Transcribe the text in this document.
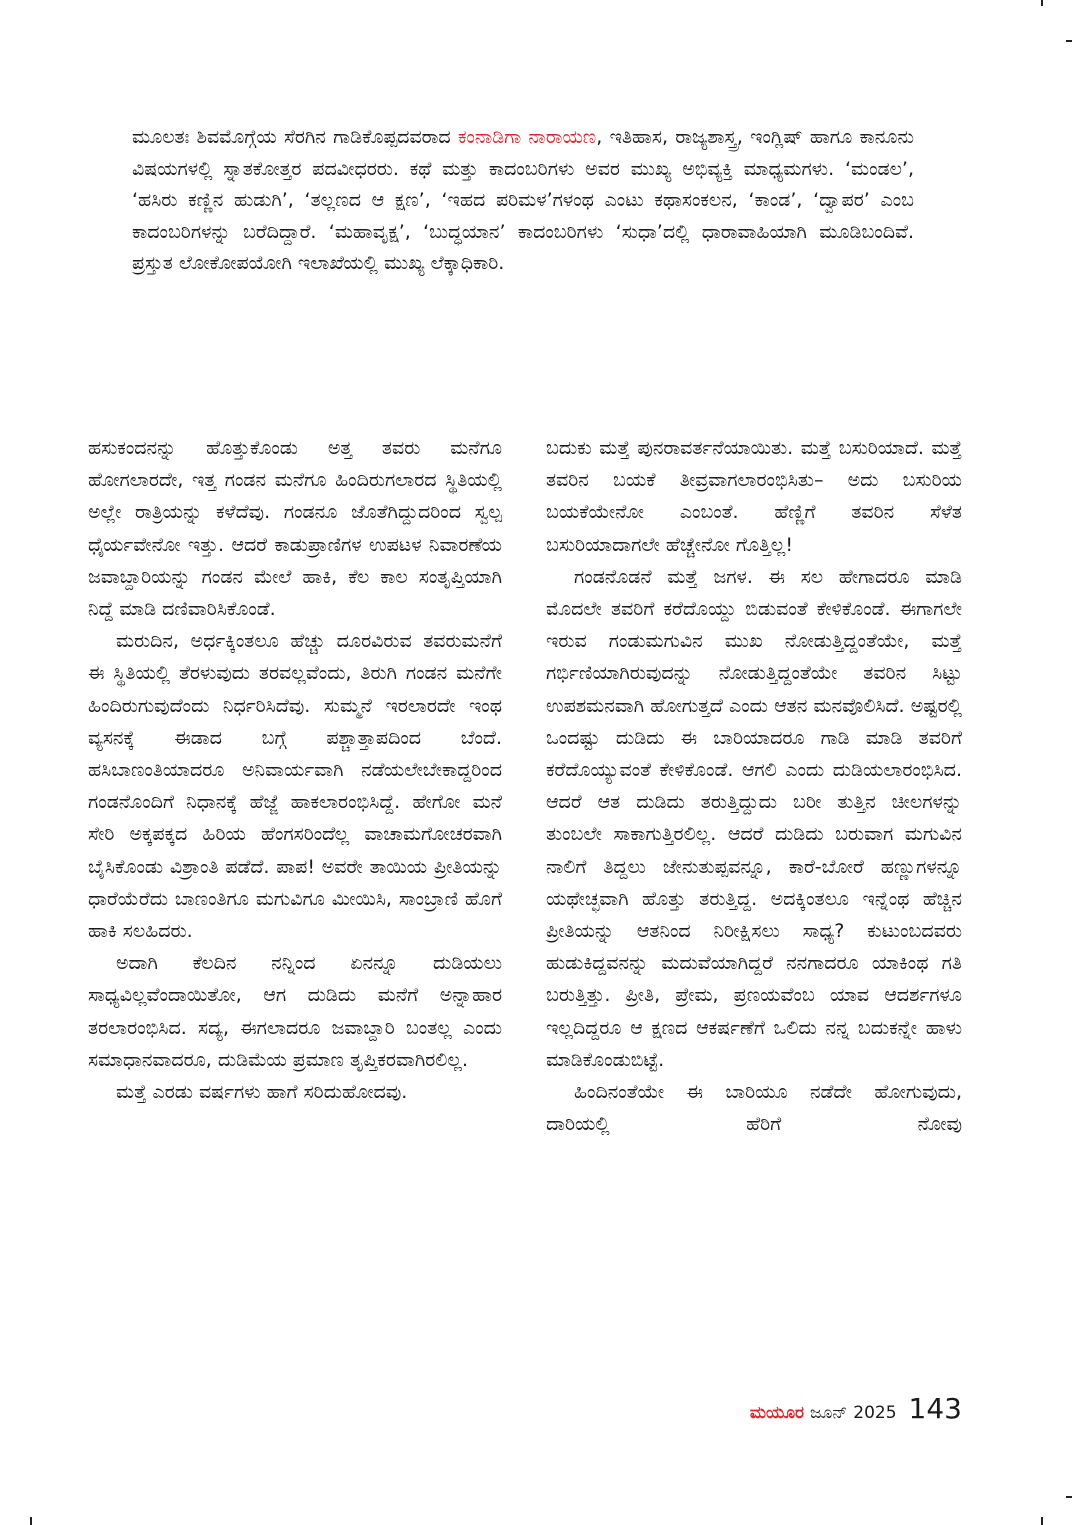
ಮೂಲತಃ ಶಿವಮೊಗ್ಗೆಯ ಸೆರಗಿನ ಗಾಡಿಕೊಪ್ಪದವರಾದ ಕಂನಾಡಿಗಾ ನಾರಾಯಣ, ಇತಿಹಾಸ, ರಾಜ್ಯಶಾಸ್ತ್ರ, ಇಂಗ್ಲಿಷ್ ಹಾಗೂ ಕಾನೂನು ವಿಷಯಗಳಲ್ಲಿ ಸ್ನಾತಕೋತ್ತರ ಪದವೀಧರರು. ಕಥೆ ಮತ್ತು ಕಾದಂಬರಿಗಳು ಅವರ ಮುಖ್ಯ ಅಭಿವ್ಯಕ್ತಿ ಮಾಧ್ಯಮಗಳು. ‘ಮಂಡಲ’, ‘ಹಸಿರು ಕಣ್ಣಿನ ಹುಡುಗಿ’, ‘ತಲ್ಲಣದ ಆ ಕ್ಷಣ’, ‘ಇಹದ ಪರಿಮಳ’ಗಳಂಥ ಎಂಟು ಕಥಾಸಂಕಲನ, ‘ಕಾಂಡ’, ‘ದ್ವಾಪರ’ ಎಂಬ ಕಾದಂಬರಿಗಳನ್ನು ಬರೆದಿದ್ದಾರೆ. ‘ಮಹಾವೃಕ್ಷ’, ‘ಬುದ್ಧಯಾನ’ ಕಾದಂಬರಿಗಳು ‘ಸುಧಾ’ದಲ್ಲಿ ಧಾರಾವಾಹಿಯಾಗಿ ಮೂಡಿಬಂದಿವೆ. ಪ್ರಸ್ತುತ ಲೋಕೋಪಯೋಗಿ ಇಲಾಖೆಯಲ್ಲಿ ಮುಖ್ಯ ಲೆಕ್ಕಾಧಿಕಾರಿ.

ಹಸುಕಂದನನ್ನು ಹೊತ್ತುಕೊಂಡು ಅತ್ತ ತವರು ಮನೆಗೂ ಹೋಗಲಾರದೇ, ಇತ್ತ ಗಂಡನ ಮನೆಗೂ ಹಿಂದಿರುಗಲಾರದ ಸ್ಥಿತಿಯಲ್ಲಿ ಅಲ್ಲೇ ರಾತ್ರಿಯನ್ನು ಕಳೆದೆವು. ಗಂಡನೂ ಜೊತೆಗಿದ್ದುದರಿಂದ ಸ್ವಲ್ಪ ಧೈರ್ಯವೇನೋ ಇತ್ತು. ಆದರೆ ಕಾಡುಪ್ರಾಣಿಗಳ ಉಪಟಳ ನಿವಾರಣೆಯ ಜವಾಬ್ದಾರಿಯನ್ನು ಗಂಡನ ಮೇಲೆ ಹಾಕಿ, ಕೆಲ ಕಾಲ ಸಂತೃಪ್ತಿಯಾಗಿ ನಿದ್ದೆ ಮಾಡಿ ದಣಿವಾರಿಸಿಕೊಂಡೆ.

ಮರುದಿನ, ಅರ್ಧಕ್ಕಿಂತಲೂ ಹೆಚ್ಚು ದೂರವಿರುವ ತವರುಮನೆಗೆ ಈ ಸ್ಥಿತಿಯಲ್ಲಿ ತೆರಳುವುದು ತರವಲ್ಲವೆಂದು, ತಿರುಗಿ ಗಂಡನ ಮನೆಗೇ ಹಿಂದಿರುಗುವುದೆಂದು ನಿರ್ಧರಿಸಿದೆವು. ಸುಮ್ಮನೆ ಇರಲಾರದೇ ಇಂಥ ವ್ಯಸನಕ್ಕೆ ಈಡಾದ ಬಗ್ಗೆ ಪಶ್ಚಾತ್ತಾಪದಿಂದ ಬೆಂದೆ. ಹಸಿಬಾಣಂತಿಯಾದರೂ ಅನಿವಾರ್ಯವಾಗಿ ನಡೆಯಲೇಬೇಕಾದ್ದರಿಂದ ಗಂಡನೊಂದಿಗೆ ನಿಧಾನಕ್ಕೆ ಹೆಜ್ಜೆ ಹಾಕಲಾರಂಭಿಸಿದ್ದೆ. ಹೇಗೋ ಮನೆ ಸೇರಿ ಅಕ್ಕಪಕ್ಕದ ಹಿರಿಯ ಹೆಂಗಸರಿಂದೆಲ್ಲ ವಾಚಾಮಗೋಚರವಾಗಿ ಬೈಸಿಕೊಂಡು ವಿಶ್ರಾಂತಿ ಪಡೆದೆ. ಪಾಪ! ಅವರೇ ತಾಯಿಯ ಪ್ರೀತಿಯನ್ನು ಧಾರೆಯೆರೆದು ಬಾಣಂತಿಗೂ ಮಗುವಿಗೂ ಮೀಯಿಸಿ, ಸಾಂಬ್ರಾಣಿ ಹೊಗೆ ಹಾಕಿ ಸಲಹಿದರು.

ಅದಾಗಿ ಕೆಲದಿನ ನನ್ನಿಂದ ಏನನ್ನೂ ದುಡಿಯಲು ಸಾಧ್ಯವಿಲ್ಲವೆಂದಾಯಿತೋ, ಆಗ ದುಡಿದು ಮನೆಗೆ ಅನ್ನಾಹಾರ ತರಲಾರಂಭಿಸಿದ. ಸದ್ಯ, ಈಗಲಾದರೂ ಜವಾಬ್ದಾರಿ ಬಂತಲ್ಲ ಎಂದು ಸಮಾಧಾನವಾದರೂ, ದುಡಿಮೆಯ ಪ್ರಮಾಣ ತೃಪ್ತಿಕರವಾಗಿರಲಿಲ್ಲ.

ಮತ್ತೆ ಎರಡು ವರ್ಷಗಳು ಹಾಗೆ ಸರಿದುಹೋದವು.

ಬದುಕು ಮತ್ತೆ ಪುನರಾವರ್ತನೆಯಾಯಿತು. ಮತ್ತೆ ಬಸುರಿಯಾದೆ. ಮತ್ತೆ ತವರಿನ ಬಯಕೆ ತೀವ್ರವಾಗಲಾರಂಭಿಸಿತು– ಅದು ಬಸುರಿಯ ಬಯಕೆಯೇನೋ ಎಂಬಂತೆ. ಹೆಣ್ಣಿಗೆ ತವರಿನ ಸೆಳೆತ ಬಸುರಿಯಾದಾಗಲೇ ಹೆಚ್ಚೇನೋ ಗೊತ್ತಿಲ್ಲ!

ಗಂಡನೊಡನೆ ಮತ್ತೆ ಜಗಳ. ಈ ಸಲ ಹೇಗಾದರೂ ಮಾಡಿ ಮೊದಲೇ ತವರಿಗೆ ಕರೆದೊಯ್ದು ಬಿಡುವಂತೆ ಕೇಳಿಕೊಂಡೆ. ಈಗಾಗಲೇ ಇರುವ ಗಂಡುಮಗುವಿನ ಮುಖ ನೋಡುತ್ತಿದ್ದಂತೆಯೇ, ಮತ್ತೆ ಗರ್ಭಿಣಿಯಾಗಿರುವುದನ್ನು ನೋಡುತ್ತಿದ್ದಂತೆಯೇ ತವರಿನ ಸಿಟ್ಟು ಉಪಶಮನವಾಗಿ ಹೋಗುತ್ತದೆ ಎಂದು ಆತನ ಮನವೊಲಿಸಿದೆ. ಅಷ್ಟರಲ್ಲಿ ಒಂದಷ್ಟು ದುಡಿದು ಈ ಬಾರಿಯಾದರೂ ಗಾಡಿ ಮಾಡಿ ತವರಿಗೆ ಕರೆದೊಯ್ಯುವಂತೆ ಕೇಳಿಕೊಂಡೆ. ಆಗಲಿ ಎಂದು ದುಡಿಯಲಾರಂಭಿಸಿದ. ಆದರೆ ಆತ ದುಡಿದು ತರುತ್ತಿದ್ದುದು ಬರೀ ತುತ್ತಿನ ಚೀಲಗಳನ್ನು ತುಂಬಲೇ ಸಾಕಾಗುತ್ತಿರಲಿಲ್ಲ. ಆದರೆ ದುಡಿದು ಬರುವಾಗ ಮಗುವಿನ ನಾಲಿಗೆ ತಿದ್ದಲು ಜೇನುತುಪ್ಪವನ್ನೂ, ಕಾರೆ-ಬೋರೆ ಹಣ್ಣುಗಳನ್ನೂ ಯಥೇಚ್ಛವಾಗಿ ಹೊತ್ತು ತರುತ್ತಿದ್ದ. ಅದಕ್ಕಿಂತಲೂ ಇನ್ನೆಂಥ ಹೆಚ್ಚಿನ ಪ್ರೀತಿಯನ್ನು ಆತನಿಂದ ನಿರೀಕ್ಷಿಸಲು ಸಾಧ್ಯ? ಕುಟುಂಬದವರು ಹುಡುಕಿದ್ದವನನ್ನು ಮದುವೆಯಾಗಿದ್ದರೆ ನನಗಾದರೂ ಯಾಕಿಂಥ ಗತಿ ಬರುತ್ತಿತ್ತು. ಪ್ರೀತಿ, ಪ್ರೇಮ, ಪ್ರಣಯವೆಂಬ ಯಾವ ಆದರ್ಶಗಳೂ ಇಲ್ಲದಿದ್ದರೂ ಆ ಕ್ಷಣದ ಆಕರ್ಷಣೆಗೆ ಒಲಿದು ನನ್ನ ಬದುಕನ್ನೇ ಹಾಳು ಮಾಡಿಕೊಂಡುಬಿಟ್ಟೆ.

ಹಿಂದಿನಂತೆಯೇ ಈ ಬಾರಿಯೂ ನಡೆದೇ ಹೋಗುವುದು, ದಾರಿಯಲ್ಲಿ ಹೆರಿಗೆ ನೋವು

ಮಯೂರ ಜೂನ್ 2025 143
